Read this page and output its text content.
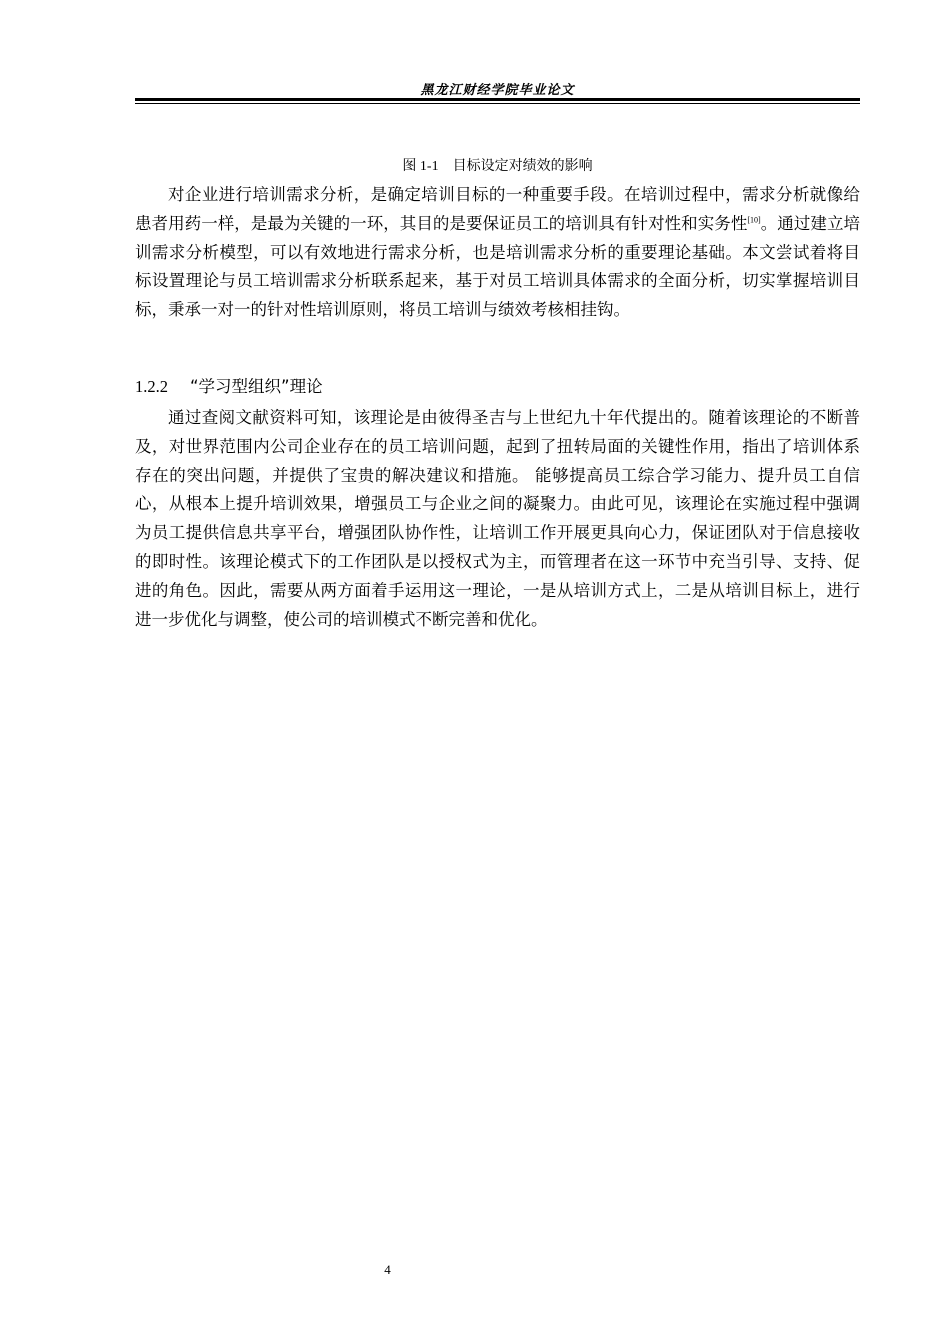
黑龙江财经学院毕业论文
图 1-1 目标设定对绩效的影响

对企业进行培训需求分析，是确定培训目标的一种重要手段。在培训过程中，需求分析就像给患者用药一样，是最为关键的一环，其目的是要保证员工的培训具有针对性和实务性[10]。通过建立培训需求分析模型，可以有效地进行需求分析，也是培训需求分析的重要理论基础。本文尝试着将目标设置理论与员工培训需求分析联系起来，基于对员工培训具体需求的全面分析，切实掌握培训目标，秉承一对一的针对性培训原则，将员工培训与绩效考核相挂钩。

1.2.2 “学习型组织”理论

通过查阅文献资料可知，该理论是由彼得圣吉与上世纪九十年代提出的。随着该理论的不断普及，对世界范围内公司企业存在的员工培训问题，起到了扭转局面的关键性作用，指出了培训体系存在的突出问题，并提供了宝贵的解决建议和措施。 能够提高员工综合学习能力、提升员工自信心，从根本上提升培训效果，增强员工与企业之间的凝聚力。由此可见，该理论在实施过程中强调为员工提供信息共享平台，增强团队协作性，让培训工作开展更具向心力，保证团队对于信息接收的即时性。该理论模式下的工作团队是以授权式为主，而管理者在这一环节中充当引导、支持、促进的角色。因此，需要从两方面着手运用这一理论，一是从培训方式上，二是从培训目标上，进行进一步优化与调整，使公司的培训模式不断完善和优化。

4
